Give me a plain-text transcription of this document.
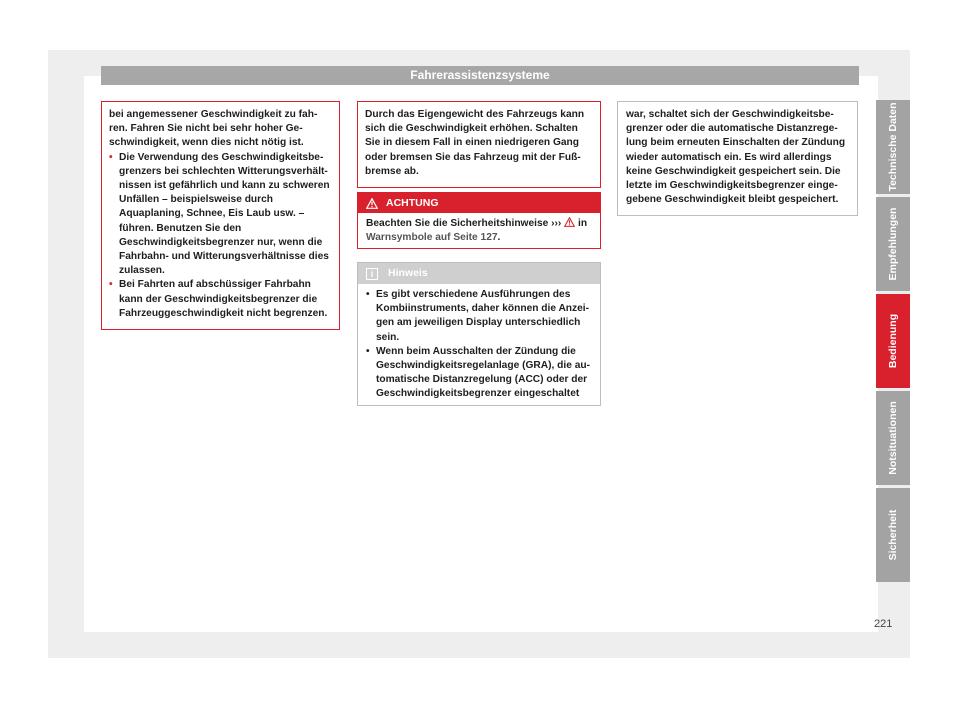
Fahrerassistenzsysteme

bei angemessener Geschwindigkeit zu fah-ren. Fahren Sie nicht bei sehr hoher Ge-schwindigkeit, wenn dies nicht nötig ist.

• Die Verwendung des Geschwindigkeitsbe-grenzers bei schlechten Witterungsverhält-nissen ist gefährlich und kann zu schweren Unfällen – beispielsweise durch Aquaplaning, Schnee, Eis Laub usw. – führen. Benutzen Sie den Geschwindigkeitsbegrenzer nur, wenn die Fahrbahn- und Witterungsverhältnisse dies zulassen.
• Bei Fahrten auf abschüssiger Fahrbahn kann der Geschwindigkeitsbegrenzer die Fahrzeuggeschwindigkeit nicht begrenzen.

Durch das Eigengewicht des Fahrzeugs kann sich die Geschwindigkeit erhöhen. Schalten Sie in diesem Fall in einen niedrigeren Gang oder bremsen Sie das Fahrzeug mit der Fuß-bremse ab.

ACHTUNG
Beachten Sie die Sicherheitshinweise ››› in
Warnsymbole auf Seite 127.
i	Hinweis
• Es gibt verschiedene Ausführungen des Kombiinstruments, daher können die Anzei-gen am jeweiligen Display unterschiedlich sein.
• Wenn beim Ausschalten der Zündung die Geschwindigkeitsregelanlage (GRA), die au-tomatische Distanzregelung (ACC) oder der Geschwindigkeitsbegrenzer eingeschaltet

war, schaltet sich der Geschwindigkeitsbe-grenzer oder die automatische Distanzrege-lung beim erneuten Einschalten der Zündung wieder automatisch ein. Es wird allerdings keine Geschwindigkeit gespeichert sein. Die letzte im Geschwindigkeitsbegrenzer einge-gebene Geschwindigkeit bleibt gespeichert.

Technische Daten
Empfehlungen
Bedienung
Notsituationen
Sicherheit
221
